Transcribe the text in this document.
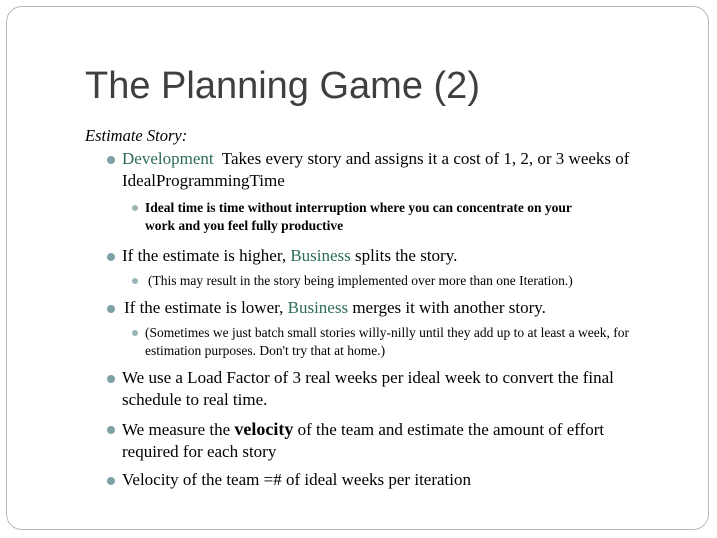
The Planning Game (2)

Estimate Story:

Development  Takes every story and assigns it a cost of 1, 2, or 3 weeks of
IdealProgrammingTime
Ideal time is time without interruption where you can concentrate on your
work and you feel fully productive
If the estimate is higher, Business splits the story.
(This may result in the story being implemented over more than one Iteration.)
If the estimate is lower, Business merges it with another story.
(Sometimes we just batch small stories willy-nilly until they add up to at least a week, for
estimation purposes. Don't try that at home.)
We use a Load Factor of 3 real weeks per ideal week to convert the final
schedule to real time.
We measure the velocity of the team and estimate the amount of effort
required for each story
Velocity of the team =# of ideal weeks per iteration
